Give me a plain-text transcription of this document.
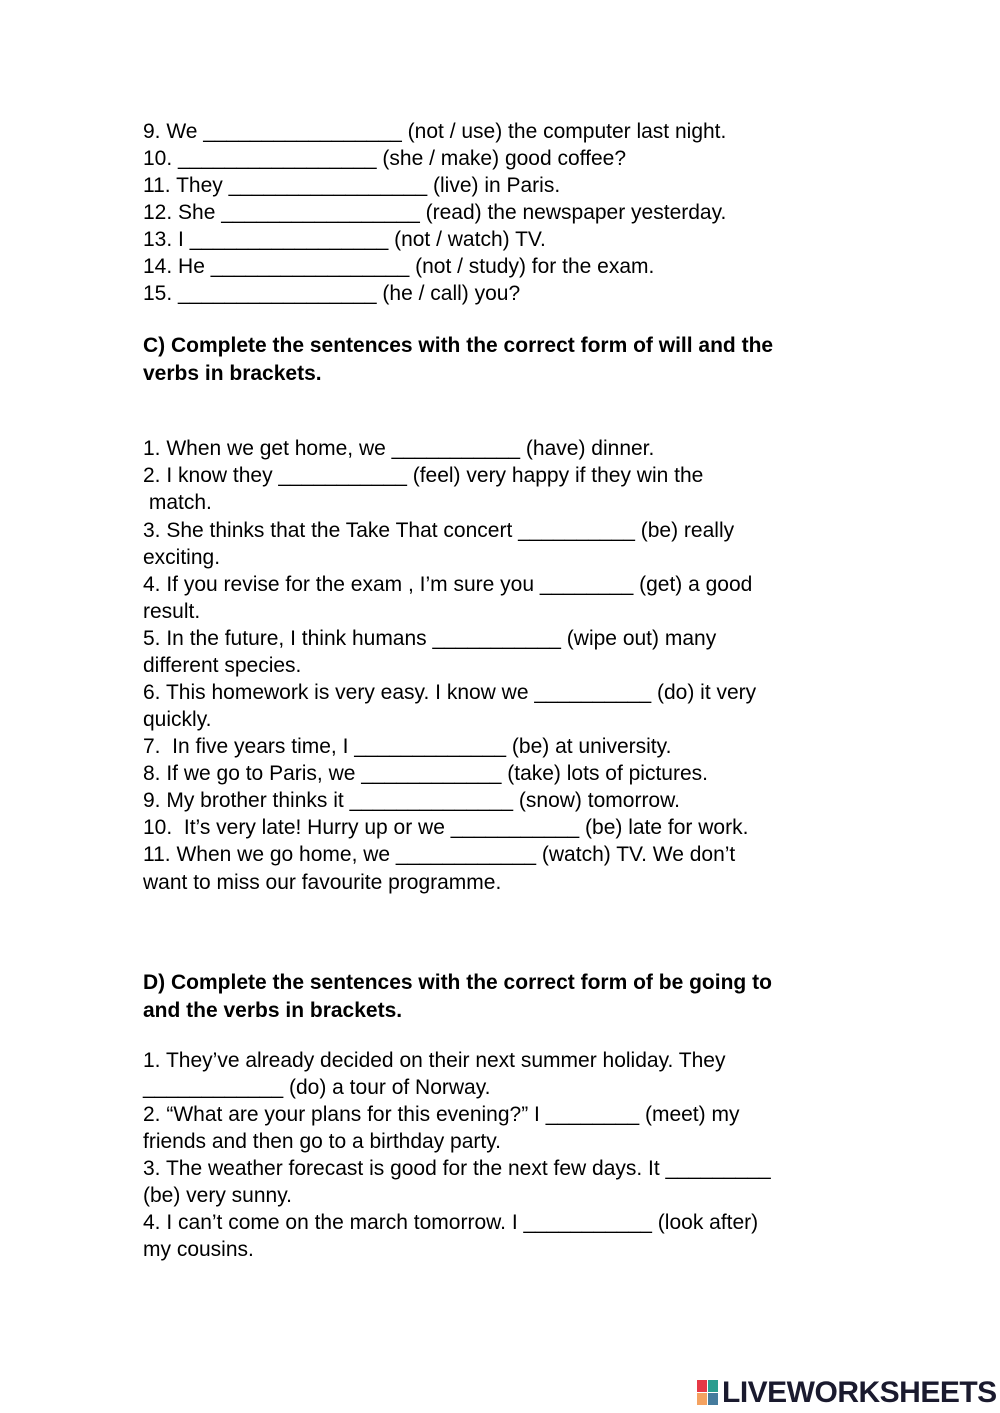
9. We _________________ (not / use) the computer last night.

10. _________________ (she / make) good coffee?

11. They _________________ (live) in Paris.

12. She _________________ (read) the newspaper yesterday.

13. I _________________ (not / watch) TV.

14. He _________________ (not / study) for the exam.

15. _________________ (he / call) you?

C) Complete the sentences with the correct form of will and the

verbs in brackets.

1. When we get home, we ___________ (have) dinner.

2. I know they ___________ (feel) very happy if they win the

match.

3. She thinks that the Take That concert __________ (be) really

exciting.

4. If you revise for the exam , I’m sure you ________ (get) a good

result.

5. In the future, I think humans ___________ (wipe out) many

different species.

6. This homework is very easy. I know we __________ (do) it very

quickly.

7.  In five years time, I _____________ (be) at university.

8. If we go to Paris, we ____________ (take) lots of pictures.

9. My brother thinks it ______________ (snow) tomorrow.

10.  It’s very late! Hurry up or we ___________ (be) late for work.

11. When we go home, we ____________ (watch) TV. We don’t

want to miss our favourite programme.

D) Complete the sentences with the correct form of be going to

and the verbs in brackets.

1. They’ve already decided on their next summer holiday. They

____________ (do) a tour of Norway.

2. “What are your plans for this evening?” I ________ (meet) my

friends and then go to a birthday party.

3. The weather forecast is good for the next few days. It _________

(be) very sunny.

4. I can’t come on the march tomorrow. I ___________ (look after)

my cousins.

LIVEWORKSHEETS
